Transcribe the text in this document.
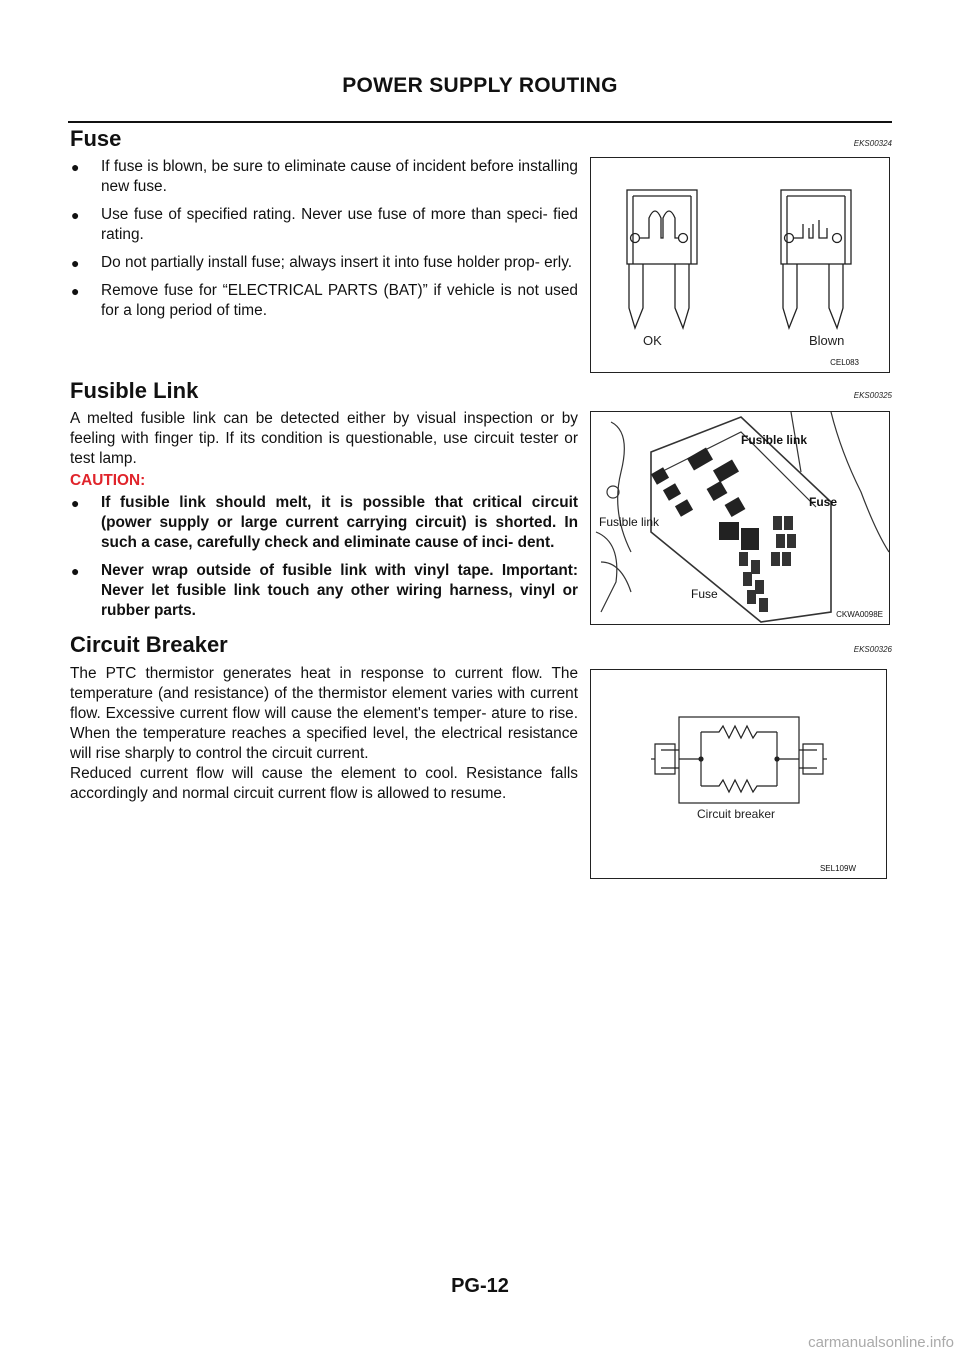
POWER SUPPLY ROUTING
Fuse	EKS00324
● If fuse is blown, be sure to eliminate cause of incident before installing new fuse.
● Use fuse of specified rating. Never use fuse of more than speci- fied rating.
● Do not partially install fuse; always insert it into fuse holder prop- erly.
● Remove fuse for “ELECTRICAL PARTS (BAT)” if vehicle is not used for a long period of time.
OK	Blown
CEL083
Fusible Link	EKS00325

A melted fusible link can be detected either by visual inspection or by feeling with finger tip. If its condition is questionable, use circuit tester or test lamp.

CAUTION:
● If fusible link should melt, it is possible that critical circuit (power supply or large current carrying circuit) is shorted. In such a case, carefully check and eliminate cause of inci- dent.
● Never wrap outside of fusible link with vinyl tape. Important: Never let fusible link touch any other wiring harness, vinyl or rubber parts.
Fusible link
Fuse
Fusible link
Fuse
CKWA0098E
Circuit Breaker	EKS00326

The PTC thermistor generates heat in response to current flow. The temperature (and resistance) of the thermistor element varies with current flow. Excessive current flow will cause the element's temper- ature to rise. When the temperature reaches a specified level, the electrical resistance will rise sharply to control the circuit current.

Reduced current flow will cause the element to cool. Resistance falls accordingly and normal circuit current flow is allowed to resume.

Circuit breaker
SEL109W
PG-12
carmanualsonline.info
